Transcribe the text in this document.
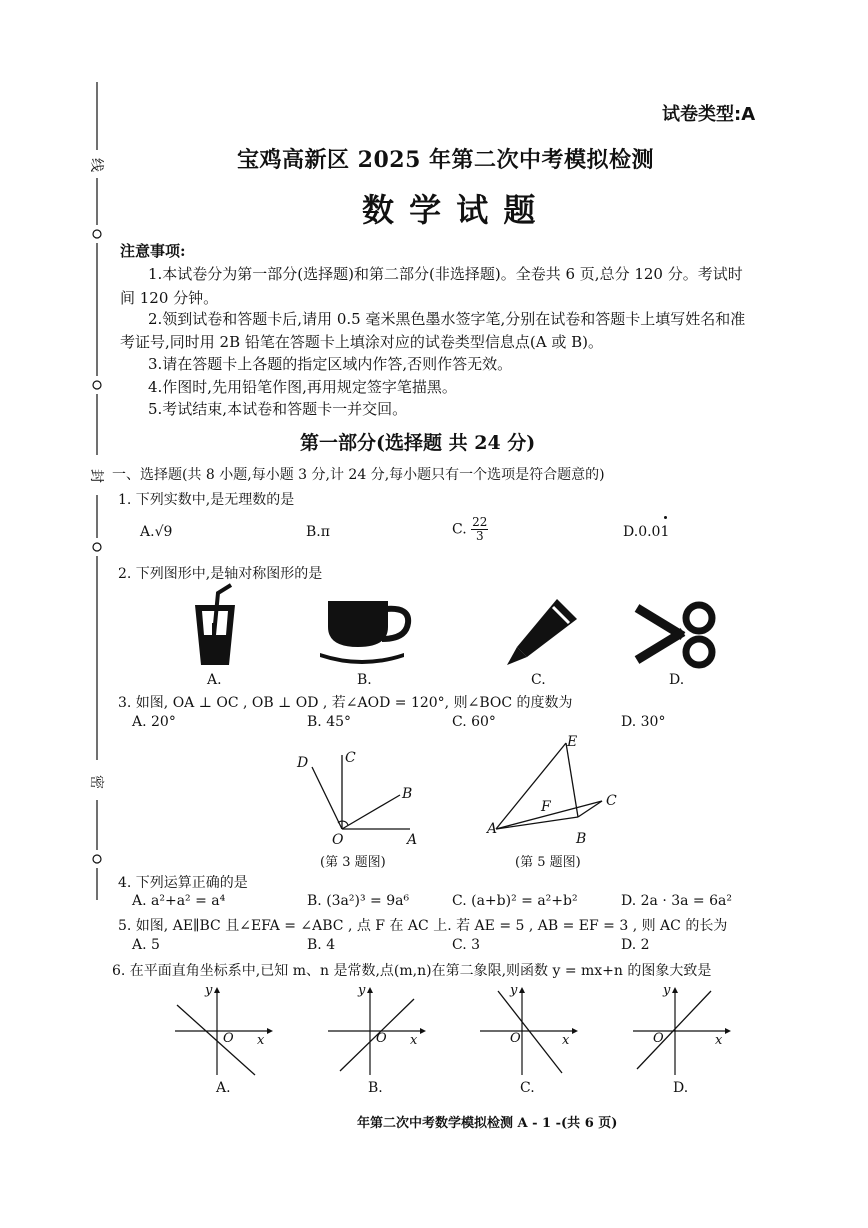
线
封
密
试卷类型:A
宝鸡高新区 2025 年第二次中考模拟检测
数 学 试 题
注意事项:
1.本试卷分为第一部分(选择题)和第二部分(非选择题)。全卷共 6 页,总分 120 分。考试时
间 120 分钟。
2.领到试卷和答题卡后,请用 0.5 毫米黑色墨水签字笔,分别在试卷和答题卡上填写姓名和准
考证号,同时用 2B 铅笔在答题卡上填涂对应的试卷类型信息点(A 或 B)。
3.请在答题卡上各题的指定区域内作答,否则作答无效。
4.作图时,先用铅笔作图,再用规定签字笔描黑。
5.考试结束,本试卷和答题卡一并交回。
第一部分(选择题 共 24 分)
一、选择题(共 8 小题,每小题 3 分,计 24 分,每小题只有一个选项是符合题意的)
1. 下列实数中,是无理数的是
A.√9	B.π	C. $\frac{22}{3}$	D.0.01
2. 下列图形中,是轴对称图形的是
A.	B.	C.	D.
3. 如图, OA ⊥ OC , OB ⊥ OD , 若∠AOD = 120°, 则∠BOC 的度数为
A. 20°	B. 45°	C. 60°	D. 30°
D	C
B
O	A
(第 3 题图)
E
F	C
A
B
(第 5 题图)
4. 下列运算正确的是
A. a²+a² = a⁴	B. (3a²)³ = 9a⁶	C. (a+b)² = a²+b²	D. 2a · 3a = 6a²
5. 如图, AE∥BC 且∠EFA = ∠ABC , 点 F 在 AC 上. 若 AE = 5 , AB = EF = 3 , 则 AC 的长为
A. 5	B. 4	C. 3	D. 2
6. 在平面直角坐标系中,已知 m、n 是常数,点(m,n)在第二象限,则函数 y = mx+n 的图象大致是
y
x
O
y
x
O
y
x
O
y
x
O
A.	B.	C.	D.
年第二次中考数学模拟检测 A - 1 -(共 6 页)
